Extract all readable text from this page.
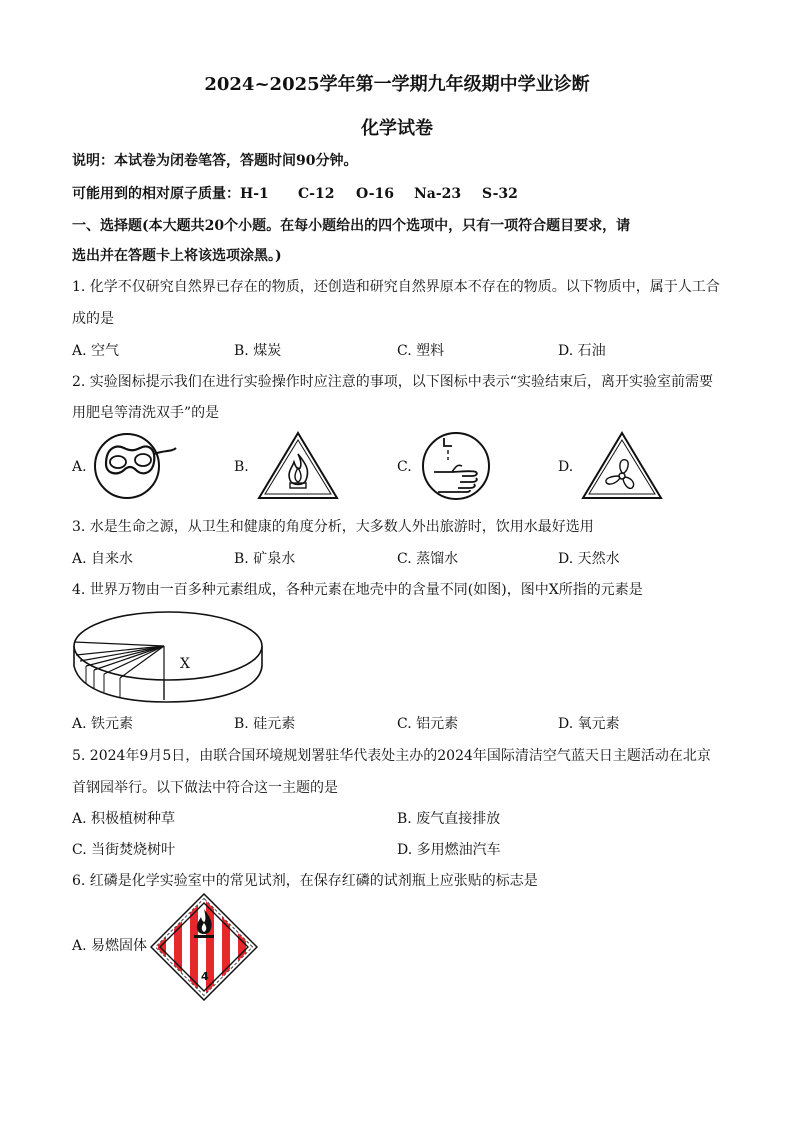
2024~2025学年第一学期九年级期中学业诊断
化学试卷
说明：本试卷为闭卷笔答，答题时间90分钟。
可能用到的相对原子质量：H-1 C-12 O-16 Na-23 S-32
一、选择题(本大题共20个小题。在每小题给出的四个选项中，只有一项符合题目要求，请
选出并在答题卡上将该选项涂黑。)
1. 化学不仅研究自然界已存在的物质，还创造和研究自然界原本不存在的物质。以下物质中，属于人工合
成的是
A. 空气	B. 煤炭	C. 塑料	D. 石油
2. 实验图标提示我们在进行实验操作时应注意的事项，以下图标中表示“实验结束后，离开实验室前需要
用肥皂等清洗双手”的是
A.	B.	C.	D.
3. 水是生命之源，从卫生和健康的角度分析，大多数人外出旅游时，饮用水最好选用
A. 自来水	B. 矿泉水	C. 蒸馏水	D. 天然水
4. 世界万物由一百多种元素组成，各种元素在地壳中的含量不同(如图)，图中X所指的元素是
X
A. 铁元素	B. 硅元素	C. 铝元素	D. 氧元素
5. 2024年9月5日，由联合国环境规划署驻华代表处主办的2024年国际清洁空气蓝天日主题活动在北京
首钢园举行。以下做法中符合这一主题的是
A. 积极植树种草	B. 废气直接排放
C. 当街焚烧树叶	D. 多用燃油汽车
6. 红磷是化学实验室中的常见试剂，在保存红磷的试剂瓶上应张贴的标志是
A. 易燃固体
4
